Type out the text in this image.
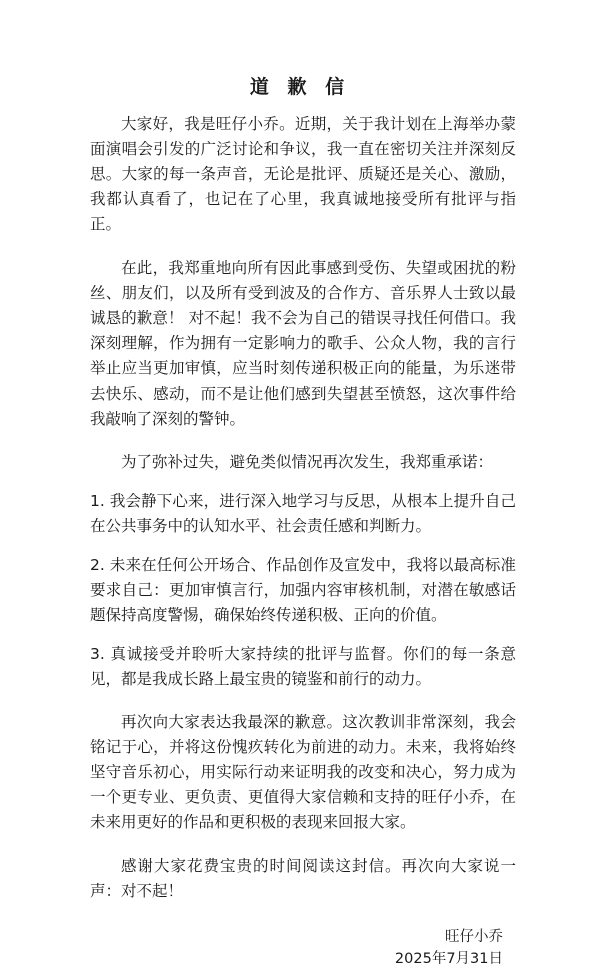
道 歉 信

大家好，我是旺仔小乔。近期，关于我计划在上海举办蒙面演唱会引发的广泛讨论和争议，我一直在密切关注并深刻反思。大家的每一条声音，无论是批评、质疑还是关心、激励，我都认真看了，也记在了心里，我真诚地接受所有批评与指正。

在此，我郑重地向所有因此事感到受伤、失望或困扰的粉丝、朋友们，以及所有受到波及的合作方、音乐界人士致以最诚恳的歉意！ 对不起！我不会为自己的错误寻找任何借口。我深刻理解，作为拥有一定影响力的歌手、公众人物，我的言行举止应当更加审慎，应当时刻传递积极正向的能量，为乐迷带去快乐、感动，而不是让他们感到失望甚至愤怒，这次事件给我敲响了深刻的警钟。

为了弥补过失，避免类似情况再次发生，我郑重承诺：

1. 我会静下心来，进行深入地学习与反思，从根本上提升自己在公共事务中的认知水平、社会责任感和判断力。

2. 未来在任何公开场合、作品创作及宣发中，我将以最高标准要求自己：更加审慎言行，加强内容审核机制，对潜在敏感话题保持高度警惕，确保始终传递积极、正向的价值。

3. 真诚接受并聆听大家持续的批评与监督。你们的每一条意见，都是我成长路上最宝贵的镜鉴和前行的动力。

再次向大家表达我最深的歉意。这次教训非常深刻，我会铭记于心，并将这份愧疚转化为前进的动力。未来，我将始终坚守音乐初心，用实际行动来证明我的改变和决心，努力成为一个更专业、更负责、更值得大家信赖和支持的旺仔小乔，在未来用更好的作品和更积极的表现来回报大家。

感谢大家花费宝贵的时间阅读这封信。再次向大家说一声：对不起！

旺仔小乔
2025年7月31日
